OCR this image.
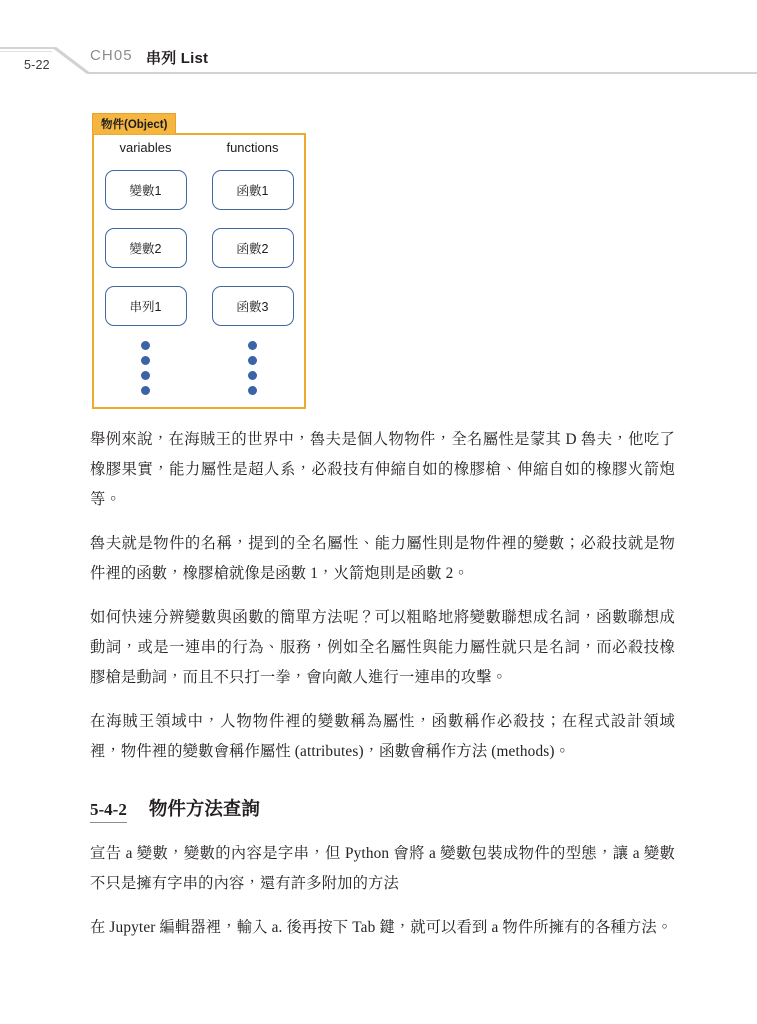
5-22
CH05 串列 List
物件(Object)
variables	functions
變數1	函數1
變數2	函數2
串列1	函數3

舉例來說，在海賊王的世界中，魯夫是個人物物件，全名屬性是蒙其 D 魯夫，他吃了橡膠果實，能力屬性是超人系，必殺技有伸縮自如的橡膠槍、伸縮自如的橡膠火箭炮等。

魯夫就是物件的名稱，提到的全名屬性、能力屬性則是物件裡的變數；必殺技就是物件裡的函數，橡膠槍就像是函數 1，火箭炮則是函數 2。

如何快速分辨變數與函數的簡單方法呢？可以粗略地將變數聯想成名詞，函數聯想成動詞，或是一連串的行為、服務，例如全名屬性與能力屬性就只是名詞，而必殺技橡膠槍是動詞，而且不只打一拳，會向敵人進行一連串的攻擊。

在海賊王領域中，人物物件裡的變數稱為屬性，函數稱作必殺技；在程式設計領域裡，物件裡的變數會稱作屬性 (attributes)，函數會稱作方法 (methods)。

5-4-2 物件方法查詢

宣告 a 變數，變數的內容是字串，但 Python 會將 a 變數包裝成物件的型態，讓 a 變數不只是擁有字串的內容，還有許多附加的方法

在 Jupyter 編輯器裡，輸入 a. 後再按下 Tab 鍵，就可以看到 a 物件所擁有的各種方法。
